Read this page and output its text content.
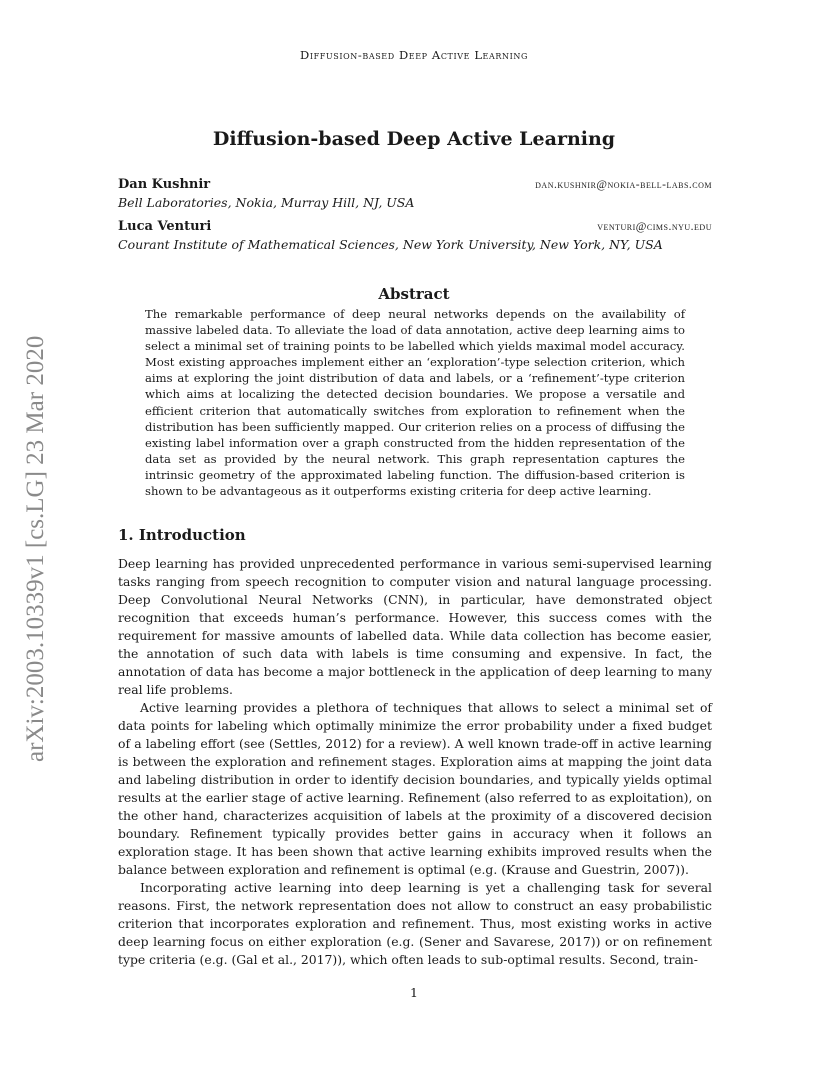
Diffusion-based Deep Active Learning
Diffusion-based Deep Active Learning
Dan Kushnir	dan.kushnir@nokia-bell-labs.com
Bell Laboratories, Nokia, Murray Hill, NJ, USA
Luca Venturi	venturi@cims.nyu.edu
Courant Institute of Mathematical Sciences, New York University, New York, NY, USA
arXiv:2003.10339v1 [cs.LG] 23 Mar 2020
Abstract
The remarkable performance of deep neural networks depends on the availability of massive labeled data. To alleviate the load of data annotation, active deep learning aims to select a minimal set of training points to be labelled which yields maximal model accuracy. Most existing approaches implement either an ‘exploration’-type selection criterion, which aims at exploring the joint distribution of data and labels, or a ‘refinement’-type criterion which aims at localizing the detected decision boundaries. We propose a versatile and efficient criterion that automatically switches from exploration to refinement when the distribution has been sufficiently mapped. Our criterion relies on a process of diffusing the existing label information over a graph constructed from the hidden representation of the data set as provided by the neural network. This graph representation captures the intrinsic geometry of the approximated labeling function. The diffusion-based criterion is shown to be advantageous as it outperforms existing criteria for deep active learning.
1. Introduction

Deep learning has provided unprecedented performance in various semi-supervised learning tasks ranging from speech recognition to computer vision and natural language processing. Deep Convolutional Neural Networks (CNN), in particular, have demonstrated object recognition that exceeds human’s performance. However, this success comes with the requirement for massive amounts of labelled data. While data collection has become easier, the annotation of such data with labels is time consuming and expensive. In fact, the annotation of data has become a major bottleneck in the application of deep learning to many real life problems.

Active learning provides a plethora of techniques that allows to select a minimal set of data points for labeling which optimally minimize the error probability under a fixed budget of a labeling effort (see (Settles, 2012) for a review). A well known trade-off in active learning is between the exploration and refinement stages. Exploration aims at mapping the joint data and labeling distribution in order to identify decision boundaries, and typically yields optimal results at the earlier stage of active learning. Refinement (also referred to as exploitation), on the other hand, characterizes acquisition of labels at the proximity of a discovered decision boundary. Refinement typically provides better gains in accuracy when it follows an exploration stage. It has been shown that active learning exhibits improved results when the balance between exploration and refinement is optimal (e.g. (Krause and Guestrin, 2007)).

Incorporating active learning into deep learning is yet a challenging task for several reasons. First, the network representation does not allow to construct an easy probabilistic criterion that incorporates exploration and refinement. Thus, most existing works in active deep learning focus on either exploration (e.g. (Sener and Savarese, 2017)) or on refinement type criteria (e.g. (Gal et al., 2017)), which often leads to sub-optimal results. Second, train-

1
